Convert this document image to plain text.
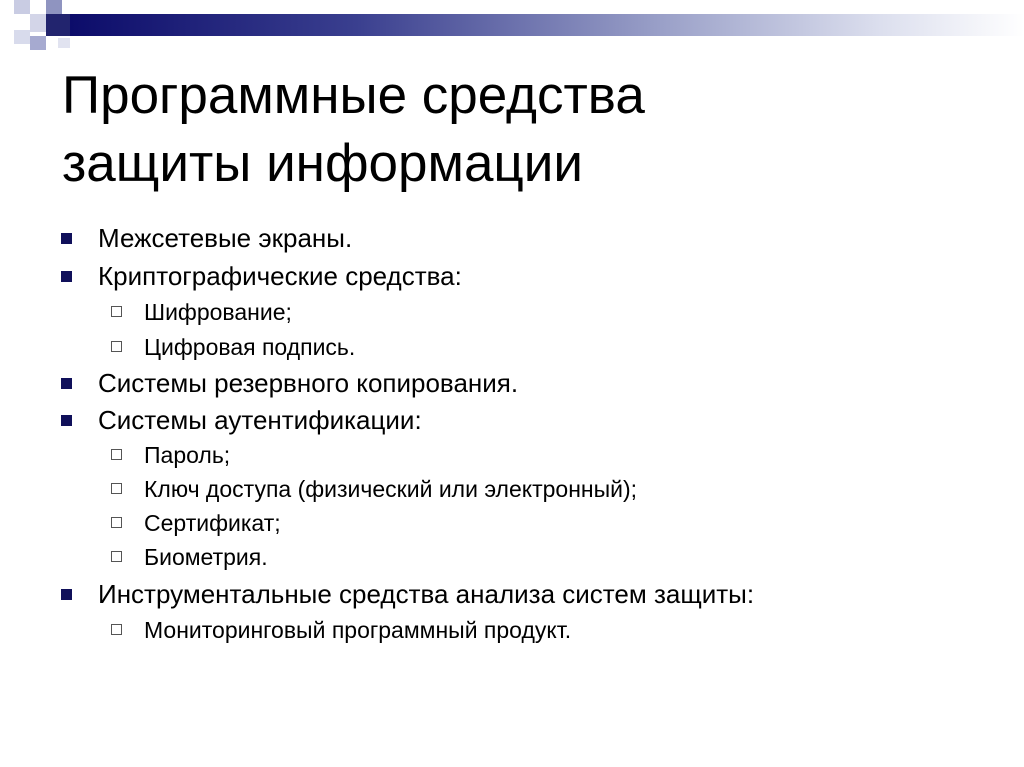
Программные средства
защиты информации
Межсетевые экраны.
Криптографические средства:
Шифрование;
Цифровая подпись.
Системы резервного копирования.
Системы аутентификации:
Пароль;
Ключ доступа (физический или электронный);
Сертификат;
Биометрия.
Инструментальные средства анализа систем защиты:
Мониторинговый программный продукт.
